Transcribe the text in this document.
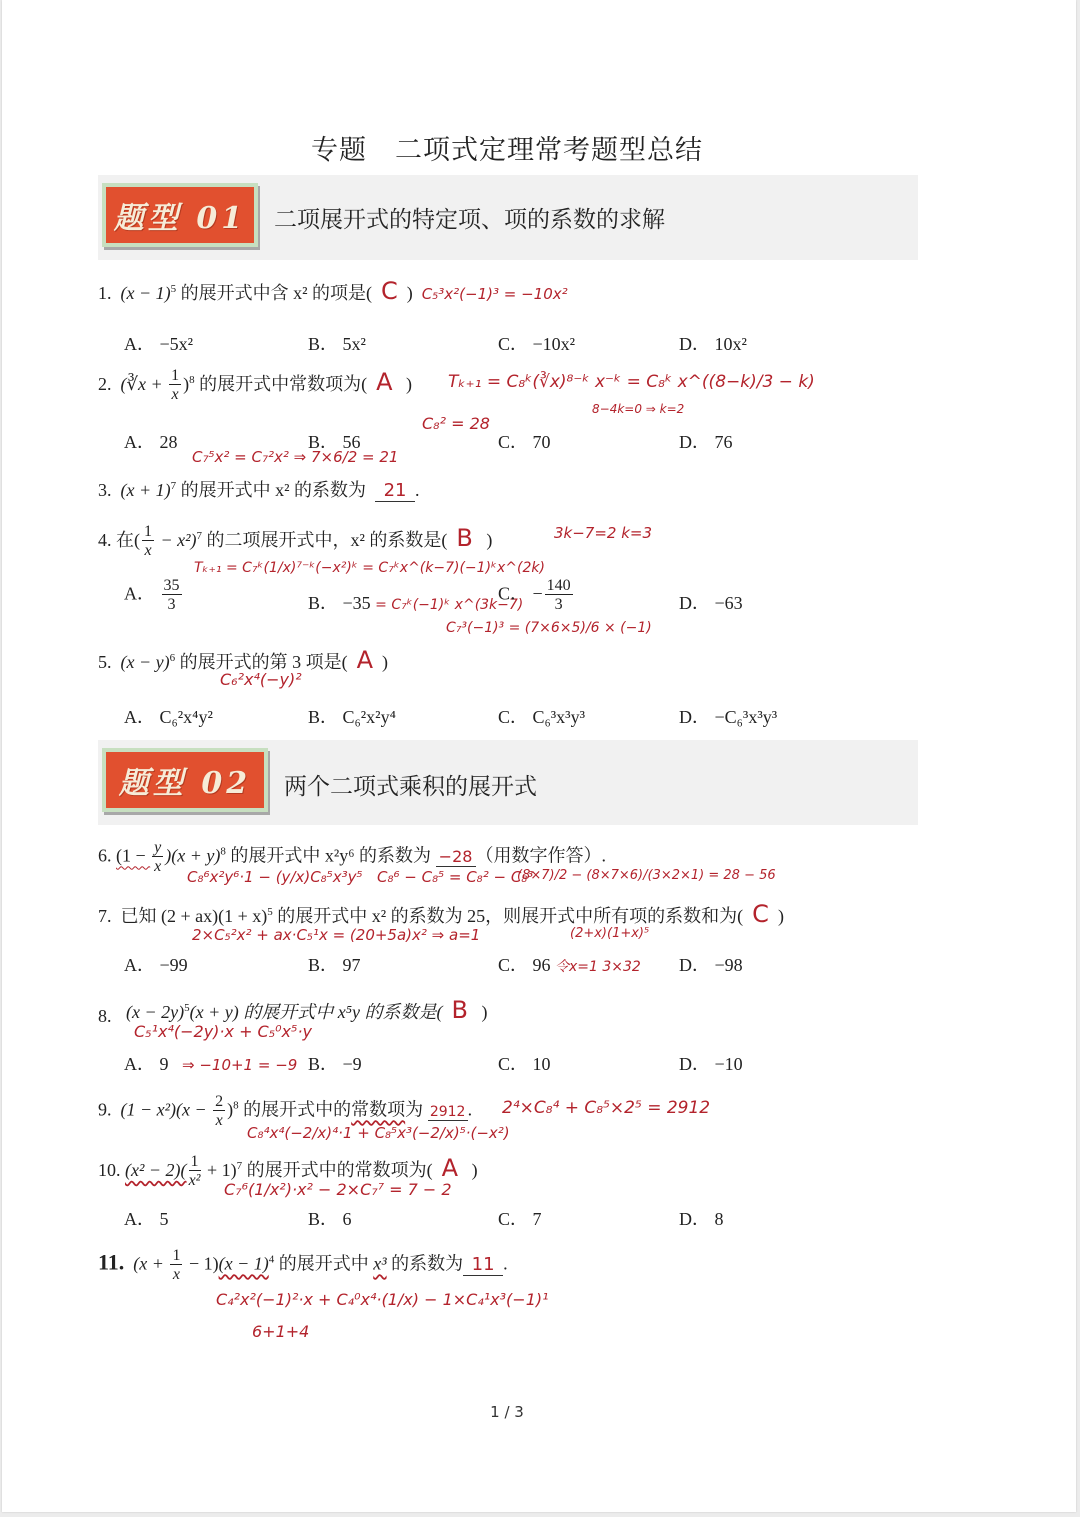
专题 二项式定理常考题型总结
题型 01	二项展开式的特定项、项的系数的求解
1. $(x - 1)^5$ 的展开式中含 x² 的项是( C ) C₅³x²(−1)³ = −10x²
A． −5x²	B． 5x²	C． −10x²	D． 10x²
2. (∛x + $\frac{1}{x} )^8$ 的展开式中常数项为( A ) Tₖ₊₁ = C₈ᵏ(∛x)⁸⁻ᵏ x⁻ᵏ = C₈ᵏ x^((8−k)/3 − k)
8−4k=0 ⇒ k=2
C₈² = 28
A． 28	B． 56	C． 70	D． 76
C₇⁵x² = C₇²x² ⇒ 7×6/2 = 21
3. $(x + 1)^7$ 的展开式中 x² 的系数为 21 .
4. 在( $\frac{1}{x} - x^2)^7$ 的二项展开式中，x² 的系数是( B )	3k−7=2 k=3
Tₖ₊₁ = C₇ᵏ(1/x)⁷⁻ᵏ(−x²)ᵏ = C₇ᵏx^(k−7)(−1)ᵏx^(2k)
A． $\frac{35}{3}$	B． −35 = C₇ᵏ(−1)ᵏ x^(3k−7)
C． − $\frac{140}{3}$	D． −63
C₇³(−1)³ = (7×6×5)/6 × (−1)
5. $(x - y)^6$ 的展开式的第 3 项是( A )
C₆²x⁴(−y)²
A． C₆²x⁴y²	B． C₆²x²y⁴	C． C₆³x³y³	D． −C₆³x³y³
题型 02	两个二项式乘积的展开式
6. $(1 - \frac{y}{x} )(x + y)^8$ 的展开式中 x²y⁶ 的系数为 −28 （用数字作答）.
C₈⁶x²y⁶·1 − (y/x)C₈⁵x³y⁵ C₈⁶ − C₈⁵ = C₈² − C₈³
(8×7)/2 − (8×7×6)/(3×2×1) = 28 − 56
7. 已知 $(2 + ax)(1 + x)^5$ 的展开式中 x² 的系数为 25，则展开式中所有项的系数和为( C )
2×C₅²x² + ax·C₅¹x = (20+5a)x² ⇒ a=1	(2+x)(1+x)⁵
A． −99	B． 97	C． 96 令x=1 3×32 D． −98
8. $(x - 2y)^5(x + y)$ 的展开式中 x⁵y 的系数是( B )
C₅¹x⁴(−2y)·x + C₅⁰x⁵·y
A． 9 ⇒ −10+1 = −9 B． −9	C． 10	D． −10
9. $(1 - x^2)(x - \frac{2}{x} )^8$ 的展开式中的常数项为 2912 . 2⁴×C₈⁴ + C₈⁵×2⁵ = 2912
C₈⁴x⁴(−2/x)⁴·1 + C₈⁵x³(−2/x)⁵·(−x²)
10. $(x^2 - 2)( \frac{1}{\text{x²}} + 1)^7$ 的展开式中的常数项为( A )
C₇⁶(1/x²)·x² − 2×C₇⁷ = 7 − 2
A． 5	B． 6	C． 7	D． 8
11. $(x + \frac{1}{x} - 1)(x - 1)^4$ 的展开式中 x³ 的系数为 11 .
C₄²x²(−1)²·x + C₄⁰x⁴·(1/x) − 1×C₄¹x³(−1)¹
6+1+4
1 / 3
